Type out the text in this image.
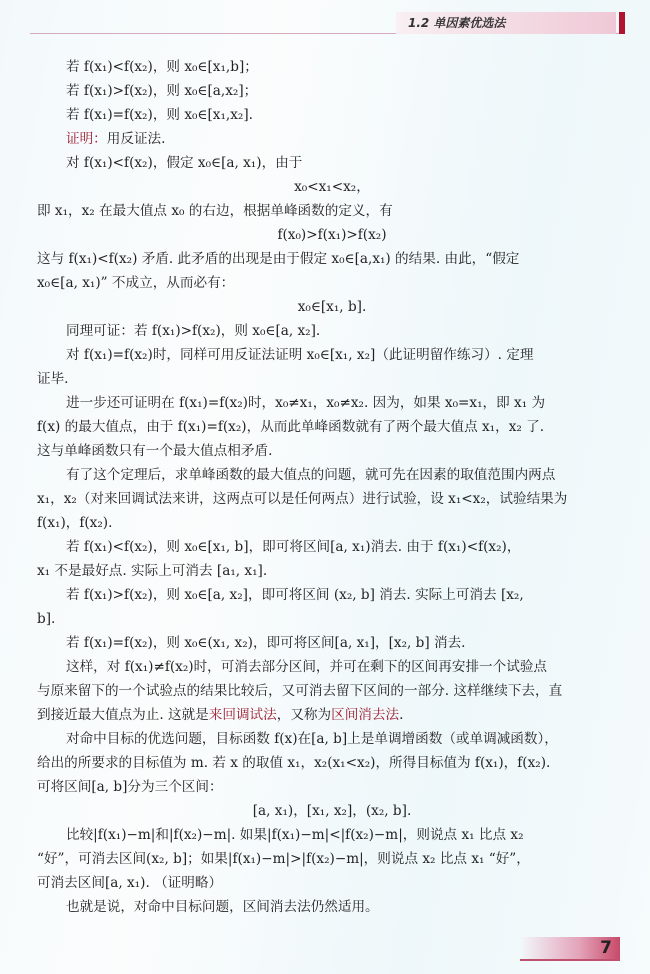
1.2 单因素优选法
若 f(x₁)<f(x₂)，则 x₀∈[x₁,b]；
若 f(x₁)>f(x₂)，则 x₀∈[a,x₂]；
若 f(x₁)=f(x₂)，则 x₀∈[x₁,x₂].
证明：用反证法.
对 f(x₁)<f(x₂)，假定 x₀∈[a, x₁)，由于
x₀<x₁<x₂，
即 x₁，x₂ 在最大值点 x₀ 的右边，根据单峰函数的定义，有
f(x₀)>f(x₁)>f(x₂)
这与 f(x₁)<f(x₂) 矛盾. 此矛盾的出现是由于假定 x₀∈[a,x₁) 的结果. 由此，“假定
x₀∈[a, x₁)” 不成立，从而必有：
x₀∈[x₁, b].
同理可证：若 f(x₁)>f(x₂)，则 x₀∈[a, x₂].
对 f(x₁)=f(x₂)时，同样可用反证法证明 x₀∈[x₁, x₂]（此证明留作练习）. 定理
证毕.
进一步还可证明在 f(x₁)=f(x₂)时，x₀≠x₁，x₀≠x₂. 因为，如果 x₀=x₁，即 x₁ 为
f(x) 的最大值点，由于 f(x₁)=f(x₂)，从而此单峰函数就有了两个最大值点 x₁，x₂ 了.
这与单峰函数只有一个最大值点相矛盾.
有了这个定理后，求单峰函数的最大值点的问题，就可先在因素的取值范围内两点
x₁，x₂（对来回调试法来讲，这两点可以是任何两点）进行试验，设 x₁<x₂，试验结果为
f(x₁)，f(x₂).
若 f(x₁)<f(x₂)，则 x₀∈[x₁, b]，即可将区间[a, x₁)消去. 由于 f(x₁)<f(x₂)，
x₁ 不是最好点. 实际上可消去 [a₁, x₁].
若 f(x₁)>f(x₂)，则 x₀∈[a, x₂]，即可将区间 (x₂, b] 消去. 实际上可消去 [x₂,
b].
若 f(x₁)=f(x₂)，则 x₀∈(x₁, x₂)，即可将区间[a, x₁]，[x₂, b] 消去.
这样，对 f(x₁)≠f(x₂)时，可消去部分区间，并可在剩下的区间再安排一个试验点
与原来留下的一个试验点的结果比较后，又可消去留下区间的一部分. 这样继续下去，直
到接近最大值点为止. 这就是来回调试法，又称为区间消去法.
对命中目标的优选问题，目标函数 f(x)在[a, b]上是单调增函数（或单调减函数），
给出的所要求的目标值为 m. 若 x 的取值 x₁，x₂(x₁<x₂)，所得目标值为 f(x₁)，f(x₂).
可将区间[a, b]分为三个区间：
[a, x₁)，[x₁, x₂]，(x₂, b].
比较|f(x₁)−m|和|f(x₂)−m|. 如果|f(x₁)−m|<|f(x₂)−m|，则说点 x₁ 比点 x₂
“好”，可消去区间(x₂, b]；如果|f(x₁)−m|>|f(x₂)−m|，则说点 x₂ 比点 x₁ “好”，
可消去区间[a, x₁). （证明略）
也就是说，对命中目标问题，区间消去法仍然适用。
7
